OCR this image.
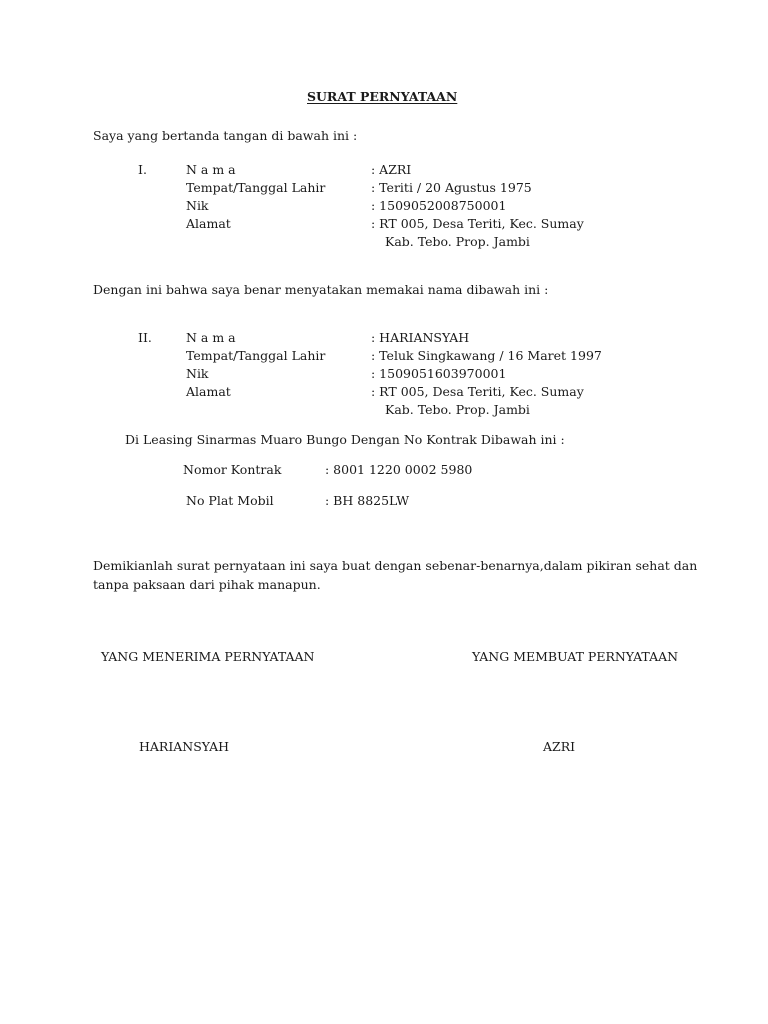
SURAT PERNYATAAN
Saya yang bertanda tangan di bawah ini :
I.	N a m a	: AZRI
Tempat/Tanggal Lahir	: Teriti / 20 Agustus 1975
Nik	: 1509052008750001
Alamat	: RT 005, Desa Teriti, Kec. Sumay
Kab. Tebo. Prop. Jambi
Dengan ini bahwa saya benar menyatakan memakai nama dibawah ini :
II.	N a m a	: HARIANSYAH
Tempat/Tanggal Lahir	: Teluk Singkawang / 16 Maret 1997
Nik	: 1509051603970001
Alamat	: RT 005, Desa Teriti, Kec. Sumay
Kab. Tebo. Prop. Jambi
Di Leasing Sinarmas Muaro Bungo Dengan No Kontrak Dibawah ini :
Nomor Kontrak	: 8001 1220 0002 5980
No Plat Mobil	: BH 8825LW
Demikianlah surat pernyataan ini saya buat dengan sebenar-benarnya,dalam pikiran sehat dan
tanpa paksaan dari pihak manapun.
YANG MENERIMA PERNYATAAN	YANG MEMBUAT PERNYATAAN
HARIANSYAH	AZRI
